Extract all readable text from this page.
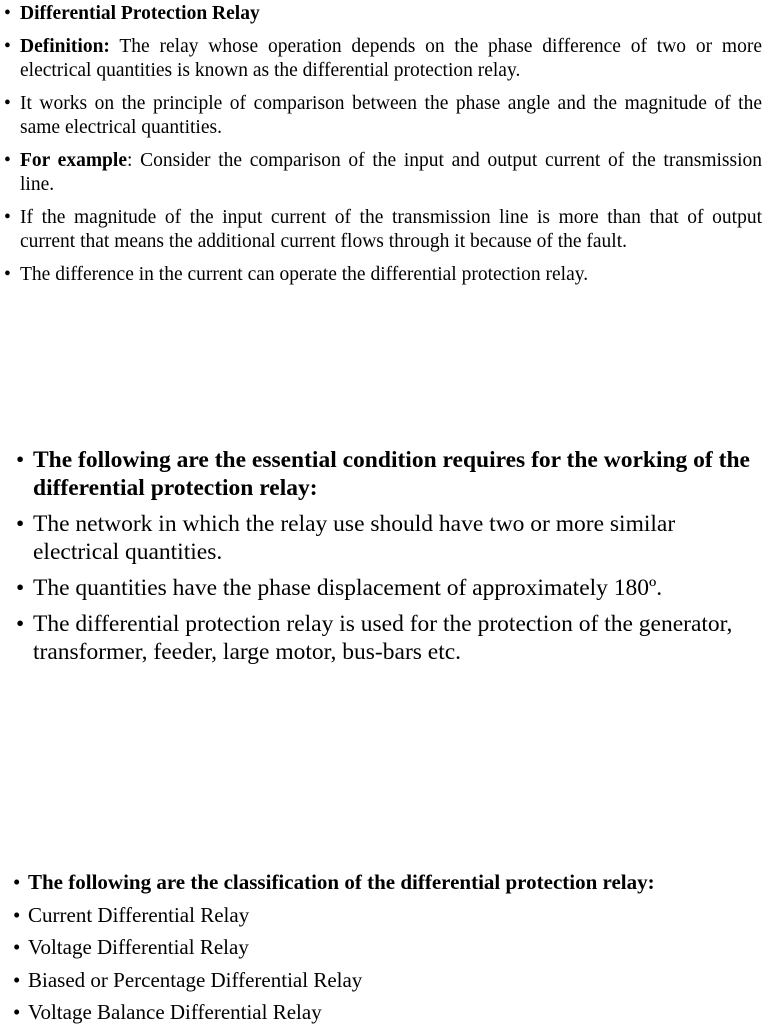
• Differential Protection Relay
• Definition: The relay whose operation depends on the phase difference of two or more electrical quantities is known as the differential protection relay.
• It works on the principle of comparison between the phase angle and the magnitude of the same electrical quantities.
• For example: Consider the comparison of the input and output current of the transmission line.
• If the magnitude of the input current of the transmission line is more than that of output current that means the additional current flows through it because of the fault.
• The difference in the current can operate the differential protection relay.
• The following are the essential condition requires for the working of the differential protection relay:
• The network in which the relay use should have two or more similar electrical quantities.
• The quantities have the phase displacement of approximately 180º.
• The differential protection relay is used for the protection of the generator, transformer, feeder, large motor, bus-bars etc.
• The following are the classification of the differential protection relay:
• Current Differential Relay
• Voltage Differential Relay
• Biased or Percentage Differential Relay
• Voltage Balance Differential Relay
